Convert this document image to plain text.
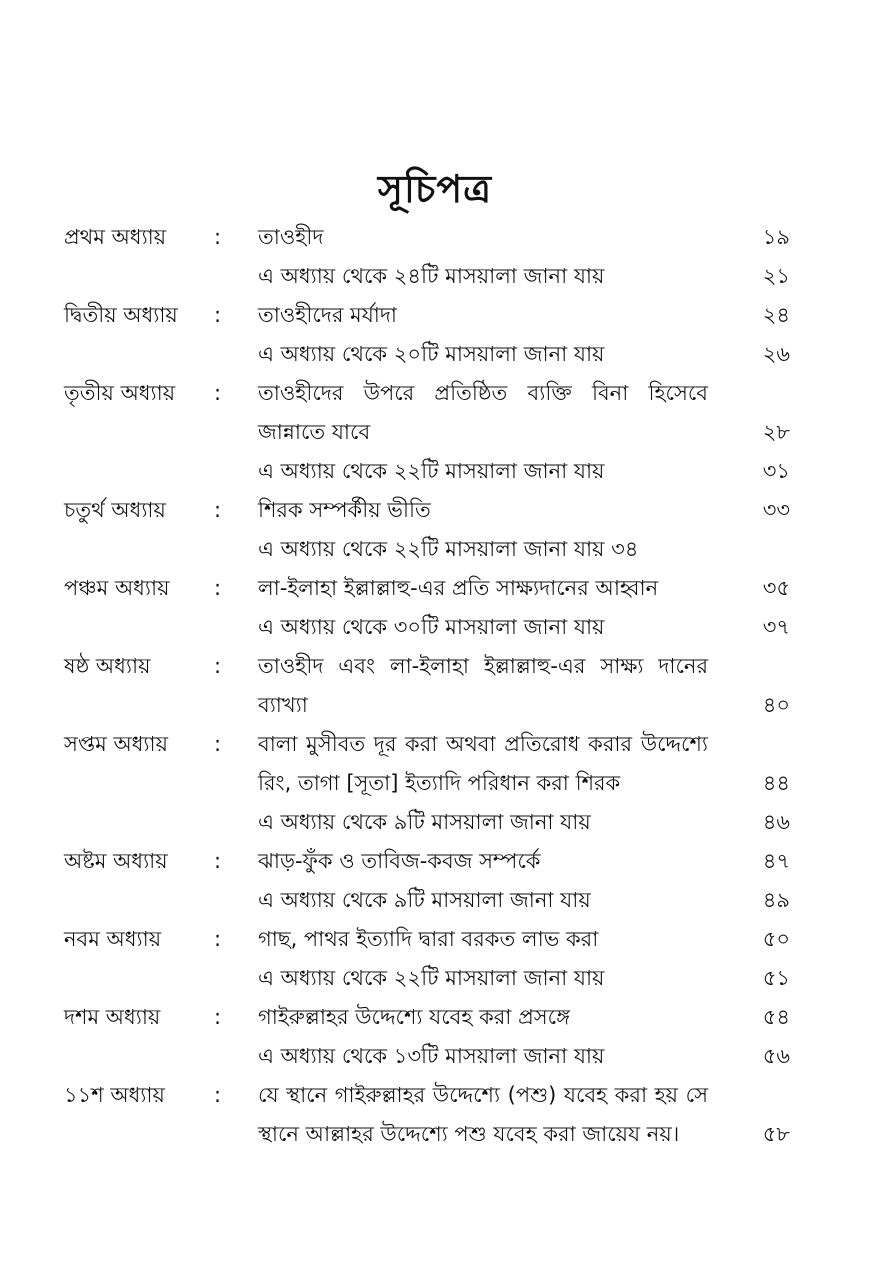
সূচিপত্র
প্রথম অধ্যায় : তাওহীদ	১৯
এ অধ্যায় থেকে ২৪টি মাসয়ালা জানা যায়	২১
দ্বিতীয় অধ্যায় : তাওহীদের মর্যাদা	২৪
এ অধ্যায় থেকে ২০টি মাসয়ালা জানা যায়	২৬
তৃতীয় অধ্যায় : তাওহীদের উপরে প্রতিষ্ঠিত ব্যক্তি বিনা হিসেবে জান্নাতে যাবে	২৮
এ অধ্যায় থেকে ২২টি মাসয়ালা জানা যায়	৩১
চতুর্থ অধ্যায় : শিরক সম্পর্কীয় ভীতি	৩৩
এ অধ্যায় থেকে ২২টি মাসয়ালা জানা যায় ৩৪
পঞ্চম অধ্যায় : লা-ইলাহা ইল্লাল্লাহু-এর প্রতি সাক্ষ্যদানের আহ্বান	৩৫
এ অধ্যায় থেকে ৩০টি মাসয়ালা জানা যায়	৩৭
ষষ্ঠ অধ্যায়	: তাওহীদ এবং লা-ইলাহা ইল্লাল্লাহু-এর সাক্ষ্য দানের ব্যাখ্যা	৪০
সপ্তম অধ্যায় : বালা মুসীবত দূর করা অথবা প্রতিরোধ করার উদ্দেশ্যে রিং, তাগা [সূতা] ইত্যাদি পরিধান করা শিরক	৪৪
এ অধ্যায় থেকে ৯টি মাসয়ালা জানা যায়	৪৬
অষ্টম অধ্যায় : ঝাড়-ফুঁক ও তাবিজ-কবজ সম্পর্কে	৪৭
এ অধ্যায় থেকে ৯টি মাসয়ালা জানা যায়	৪৯
নবম অধ্যায়	: গাছ, পাথর ইত্যাদি দ্বারা বরকত লাভ করা	৫০
এ অধ্যায় থেকে ২২টি মাসয়ালা জানা যায়	৫১
দশম অধ্যায়	: গাইরুল্লাহর উদ্দেশ্যে যবেহ করা প্রসঙ্গে	৫৪
এ অধ্যায় থেকে ১৩টি মাসয়ালা জানা যায়	৫৬
১১শ অধ্যায় : যে স্থানে গাইরুল্লাহর উদ্দেশ্যে (পশু) যবেহ করা হয় সে স্থানে আল্লাহর উদ্দেশ্যে পশু যবেহ করা জায়েয নয়।	৫৮
